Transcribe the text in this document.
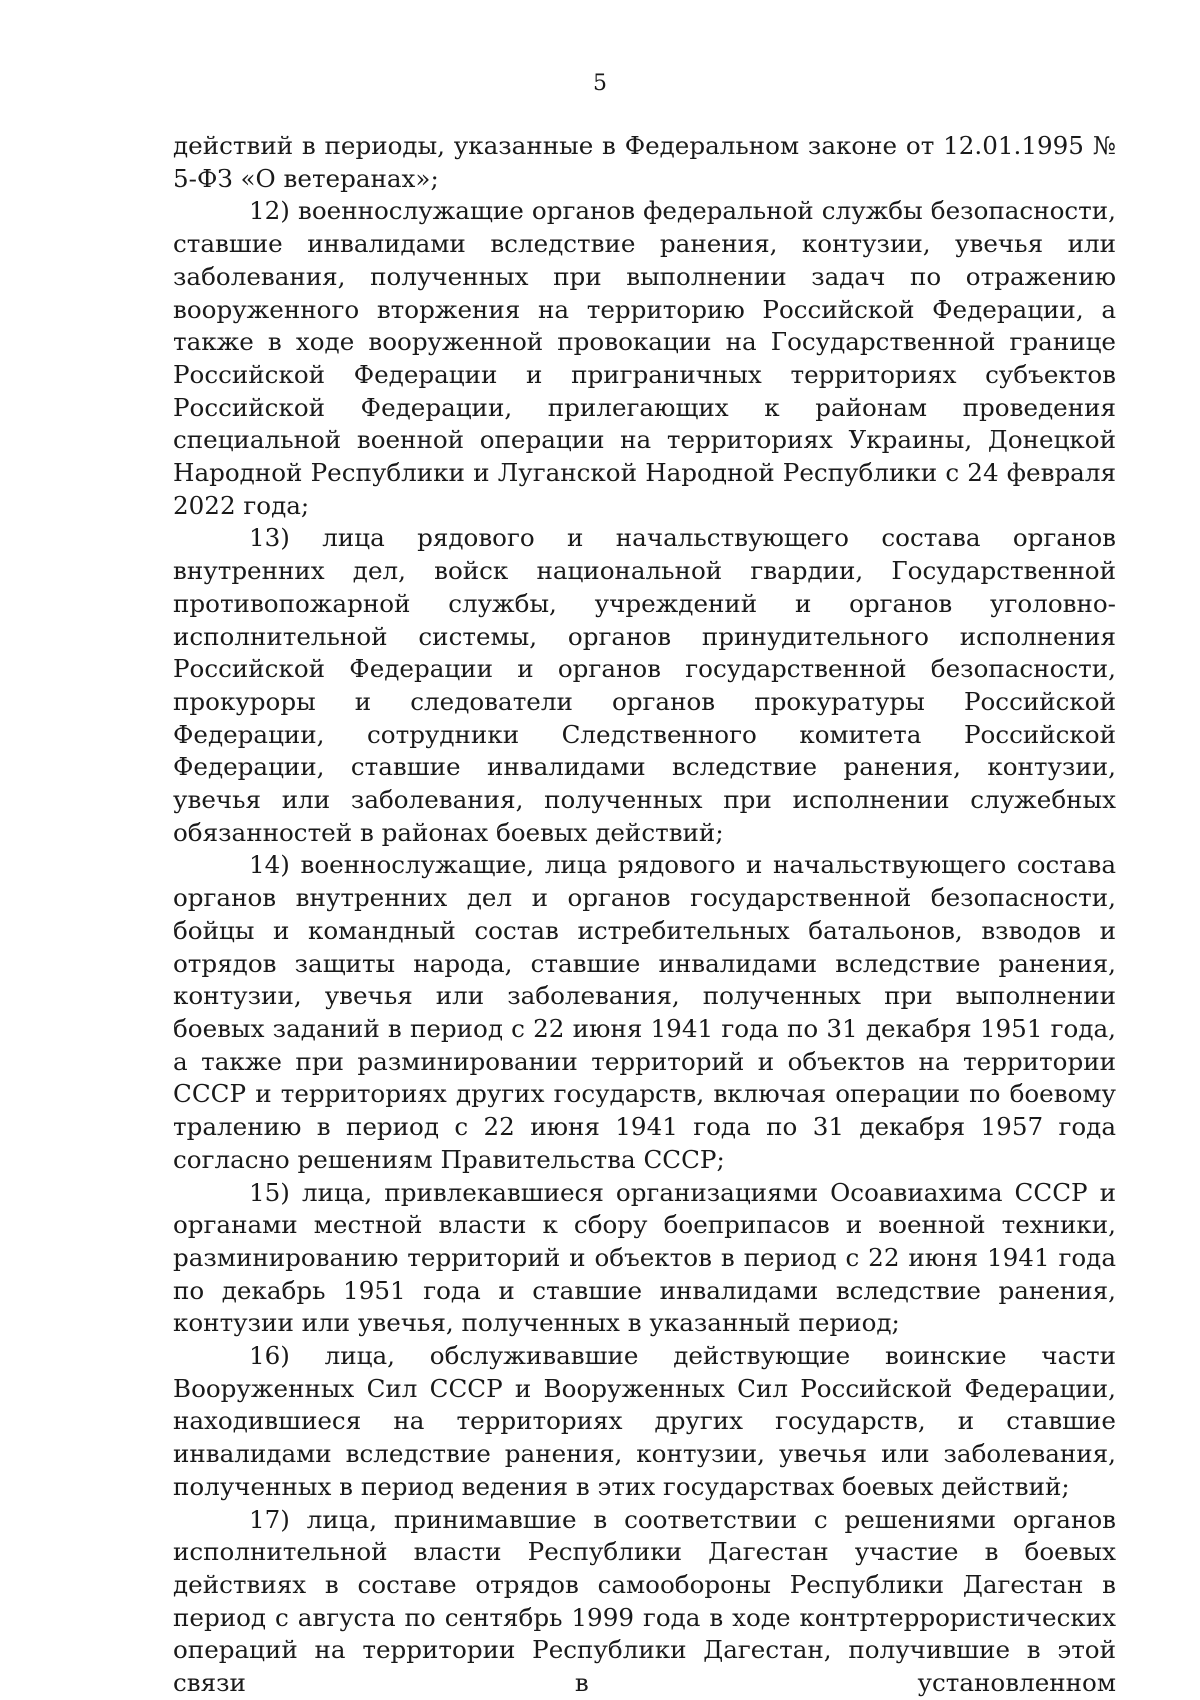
5

действий в периоды, указанные в Федеральном законе от 12.01.1995 № 5-ФЗ «О ветеранах»;

12) военнослужащие органов федеральной службы безопасности, ставшие инвалидами вследствие ранения, контузии, увечья или заболевания, полученных при выполнении задач по отражению вооруженного вторжения на территорию Российской Федерации, а также в ходе вооруженной провокации на Государственной границе Российской Федерации и приграничных территориях субъектов Российской Федерации, прилегающих к районам проведения специальной военной операции на территориях Украины, Донецкой Народной Республики и Луганской Народной Республики с 24 февраля 2022 года;

13) лица рядового и начальствующего состава органов внутренних дел, войск национальной гвардии, Государственной противопожарной службы, учреждений и органов уголовно-исполнительной системы, органов принудительного исполнения Российской Федерации и органов государственной безопасности, прокуроры и следователи органов прокуратуры Российской Федерации, сотрудники Следственного комитета Российской Федерации, ставшие инвалидами вследствие ранения, контузии, увечья или заболевания, полученных при исполнении служебных обязанностей в районах боевых действий;

14) военнослужащие, лица рядового и начальствующего состава органов внутренних дел и органов государственной безопасности, бойцы и командный состав истребительных батальонов, взводов и отрядов защиты народа, ставшие инвалидами вследствие ранения, контузии, увечья или заболевания, полученных при выполнении боевых заданий в период с 22 июня 1941 года по 31 декабря 1951 года, а также при разминировании территорий и объектов на территории СССР и территориях других государств, включая операции по боевому тралению в период с 22 июня 1941 года по 31 декабря 1957 года согласно решениям Правительства СССР;

15) лица, привлекавшиеся организациями Осоавиахима СССР и органами местной власти к сбору боеприпасов и военной техники, разминированию территорий и объектов в период с 22 июня 1941 года по декабрь 1951 года и ставшие инвалидами вследствие ранения, контузии или увечья, полученных в указанный период;

16) лица, обслуживавшие действующие воинские части Вооруженных Сил СССР и Вооруженных Сил Российской Федерации, находившиеся на территориях других государств, и ставшие инвалидами вследствие ранения, контузии, увечья или заболевания, полученных в период ведения в этих государствах боевых действий;

17) лица, принимавшие в соответствии с решениями органов исполнительной власти Республики Дагестан участие в боевых действиях в составе отрядов самообороны Республики Дагестан в период с августа по сентябрь 1999 года в ходе контртеррористических операций на территории Республики Дагестан, получившие в этой связи в установленном
